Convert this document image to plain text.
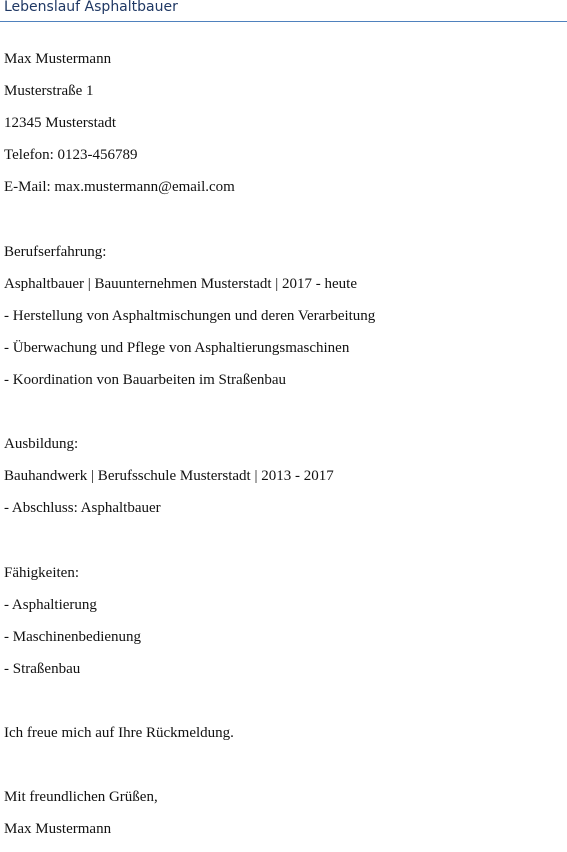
Lebenslauf Asphaltbauer
Max Mustermann
Musterstraße 1
12345 Musterstadt
Telefon: 0123-456789
E-Mail: max.mustermann@email.com
Berufserfahrung:
Asphaltbauer | Bauunternehmen Musterstadt | 2017 - heute
- Herstellung von Asphaltmischungen und deren Verarbeitung
- Überwachung und Pflege von Asphaltierungsmaschinen
- Koordination von Bauarbeiten im Straßenbau
Ausbildung:
Bauhandwerk | Berufsschule Musterstadt | 2013 - 2017
- Abschluss: Asphaltbauer
Fähigkeiten:
- Asphaltierung
- Maschinenbedienung
- Straßenbau
Ich freue mich auf Ihre Rückmeldung.
Mit freundlichen Grüßen,
Max Mustermann
